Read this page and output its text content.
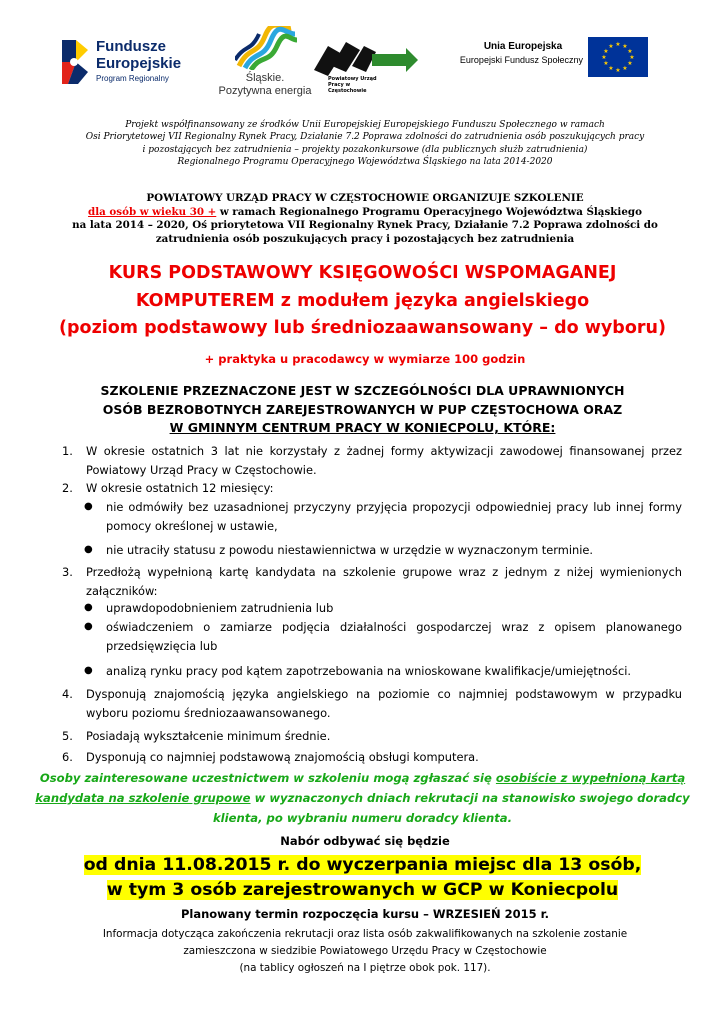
Fundusze
Europejskie
Program Regionalny	Śląskie.
Pozytywna energia
Powiatowy Urząd Pracy w Częstochowie
Unia Europejska
Europejski Fundusz Społeczny
★ ★
★
★
★
★
★
★
★
★
★
★
Projekt współfinansowany ze środków Unii Europejskiej Europejskiego Funduszu Społecznego w ramach
Osi Priorytetowej VII Regionalny Rynek Pracy, Działanie 7.2 Poprawa zdolności do zatrudnienia osób poszukujących pracy
i pozostających bez zatrudnienia – projekty pozakonkursowe (dla publicznych służb zatrudnienia)
Regionalnego Programu Operacyjnego Województwa Śląskiego na lata 2014-2020
POWIATOWY URZĄD PRACY W CZĘSTOCHOWIE ORGANIZUJE SZKOLENIE
dla osób w wieku 30 + w ramach Regionalnego Programu Operacyjnego Województwa Śląskiego
na lata 2014 – 2020, Oś priorytetowa VII Regionalny Rynek Pracy, Działanie 7.2 Poprawa zdolności do
zatrudnienia osób poszukujących pracy i pozostających bez zatrudnienia
KURS PODSTAWOWY KSIĘGOWOŚCI WSPOMAGANEJ
KOMPUTEREM z modułem języka angielskiego
(poziom podstawowy lub średniozaawansowany – do wyboru)
+ praktyka u pracodawcy w wymiarze 100 godzin
SZKOLENIE PRZEZNACZONE JEST W SZCZEGÓLNOŚCI DLA UPRAWNIONYCH
OSÓB BEZROBOTNYCH ZAREJESTROWANYCH W PUP CZĘSTOCHOWA ORAZ
W GMINNYM CENTRUM PRACY W KONIECPOLU, KTÓRE:
1. W okresie ostatnich 3 lat nie korzystały z żadnej formy aktywizacji zawodowej finansowanej przez Powiatowy Urząd Pracy w Częstochowie.
2. W okresie ostatnich 12 miesięcy:
● nie odmówiły bez uzasadnionej przyczyny przyjęcia propozycji odpowiedniej pracy lub innej formy pomocy określonej w ustawie,
● nie utraciły statusu z powodu niestawiennictwa w urzędzie w wyznaczonym terminie.
3. Przedłożą wypełnioną kartę kandydata na szkolenie grupowe wraz z jednym z niżej wymienionych załączników:
● uprawdopodobnieniem zatrudnienia lub
● oświadczeniem o zamiarze podjęcia działalności gospodarczej wraz z opisem planowanego przedsięwzięcia lub
● analizą rynku pracy pod kątem zapotrzebowania na wnioskowane kwalifikacje/umiejętności.
4. Dysponują znajomością języka angielskiego na poziomie co najmniej podstawowym w przypadku wyboru poziomu średniozaawansowanego.
5. Posiadają wykształcenie minimum średnie.
6. Dysponują co najmniej podstawową znajomością obsługi komputera.
Osoby zainteresowane uczestnictwem w szkoleniu mogą zgłaszać się osobiście z wypełnioną kartą kandydata na szkolenie grupowe w wyznaczonych dniach rekrutacji na stanowisko swojego doradcy klienta, po wybraniu numeru doradcy klienta.
Nabór odbywać się będzie
od dnia 11.08.2015 r. do wyczerpania miejsc dla 13 osób,
w tym 3 osób zarejestrowanych w GCP w Koniecpolu
Planowany termin rozpoczęcia kursu – WRZESIEŃ 2015 r.
Informacja dotycząca zakończenia rekrutacji oraz lista osób zakwalifikowanych na szkolenie zostanie
zamieszczona w siedzibie Powiatowego Urzędu Pracy w Częstochowie
(na tablicy ogłoszeń na I piętrze obok pok. 117).
